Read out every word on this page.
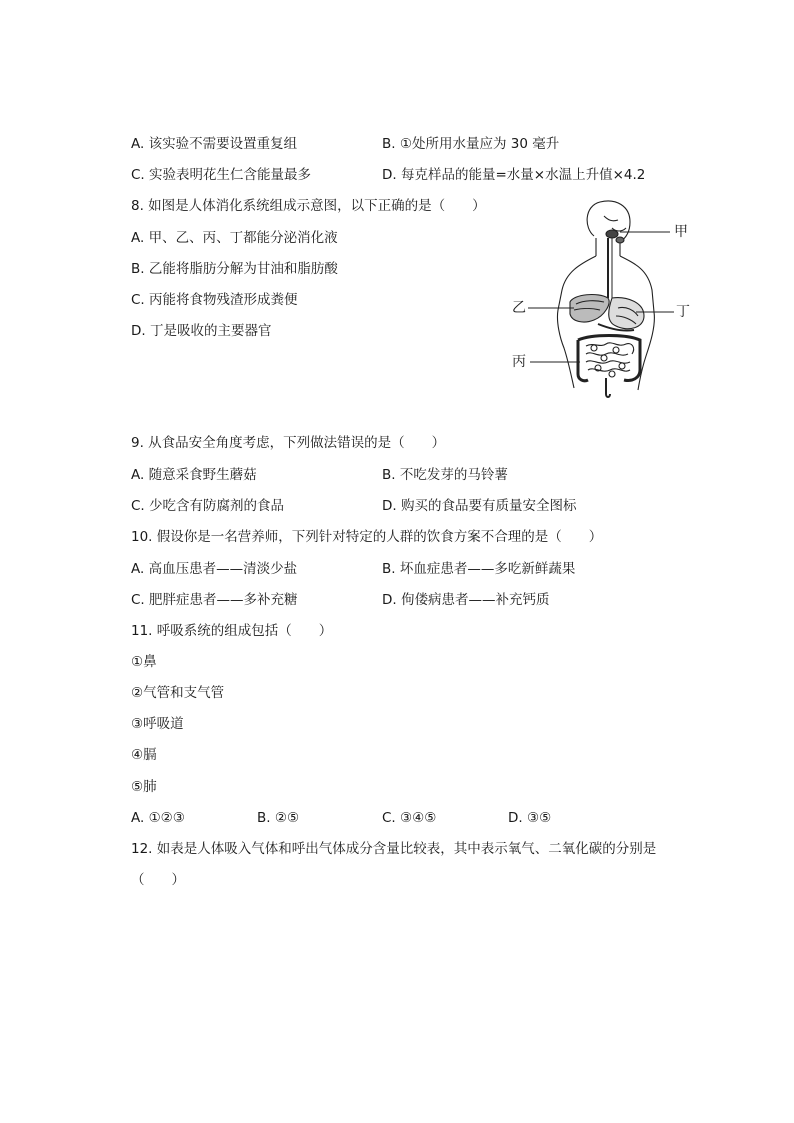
A. 该实验不需要设置重复组	B. ①处所用水量应为 30 毫升
C. 实验表明花生仁含能量最多	D. 每克样品的能量=水量×水温上升值×4.2
8. 如图是人体消化系统组成示意图，以下正确的是（　　）
A. 甲、乙、丙、丁都能分泌消化液
B. 乙能将脂肪分解为甘油和脂肪酸
C. 丙能将食物残渣形成粪便
D. 丁是吸收的主要器官
甲
乙	丁
丙
9. 从食品安全角度考虑，下列做法错误的是（　　）
A. 随意采食野生蘑菇	B. 不吃发芽的马铃薯
C. 少吃含有防腐剂的食品	D. 购买的食品要有质量安全图标
10. 假设你是一名营养师，下列针对特定的人群的饮食方案不合理的是（　　）
A. 高血压患者——清淡少盐	B. 坏血症患者——多吃新鲜蔬果
C. 肥胖症患者——多补充糖	D. 佝偻病患者——补充钙质
11. 呼吸系统的组成包括（　　）
①鼻
②气管和支气管
③呼吸道
④膈
⑤肺
A. ①②③	B. ②⑤	C. ③④⑤	D. ③⑤
12. 如表是人体吸入气体和呼出气体成分含量比较表，其中表示氧气、二氧化碳的分别是
（　　）
